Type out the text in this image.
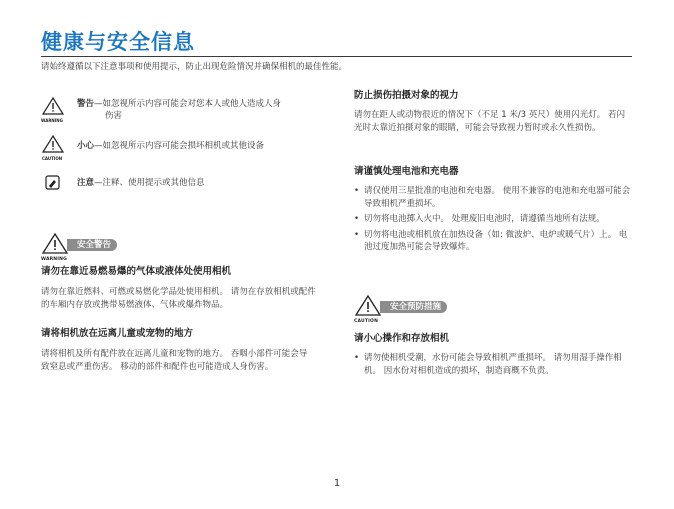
健康与安全信息
请始终遵循以下注意事项和使用提示，防止出现危险情况并确保相机的最佳性能。
WARNING
警告—如忽视所示内容可能会对您本人或他人造成人身
伤害
CAUTION
小心—如忽视所示内容可能会损坏相机或其他设备
注意—注释、使用提示或其他信息
安全警告
WARNING
请勿在靠近易燃易爆的气体或液体处使用相机

请勿在靠近燃料、可燃或易燃化学品处使用相机。 请勿在存放相机或配件的车厢内存放或携带易燃液体、气体或爆炸物品。

请将相机放在远离儿童或宠物的地方

请将相机及所有配件放在远离儿童和宠物的地方。 吞咽小部件可能会导致窒息或严重伤害。 移动的部件和配件也可能造成人身伤害。

防止损伤拍摄对象的视力

请勿在距人或动物很近的情况下（不足 1 米/3 英尺）使用闪光灯。 若闪光时太靠近拍摄对象的眼睛，可能会导致视力暂时或永久性损伤。

请谨慎处理电池和充电器
• 请仅使用三星批准的电池和充电器。 使用不兼容的电池和充电器可能会导致相机严重损坏。
• 切勿将电池掷入火中。 处理废旧电池时，请遵循当地所有法规。
• 切勿将电池或相机放在加热设备（如: 微波炉、电炉或暖气片）上。 电池过度加热可能会导致爆炸。
安全预防措施
CAUTION
请小心操作和存放相机
• 请勿使相机受潮，水份可能会导致相机严重损坏。 请勿用湿手操作相机。 因水份对相机造成的损坏，制造商概不负责。
1
